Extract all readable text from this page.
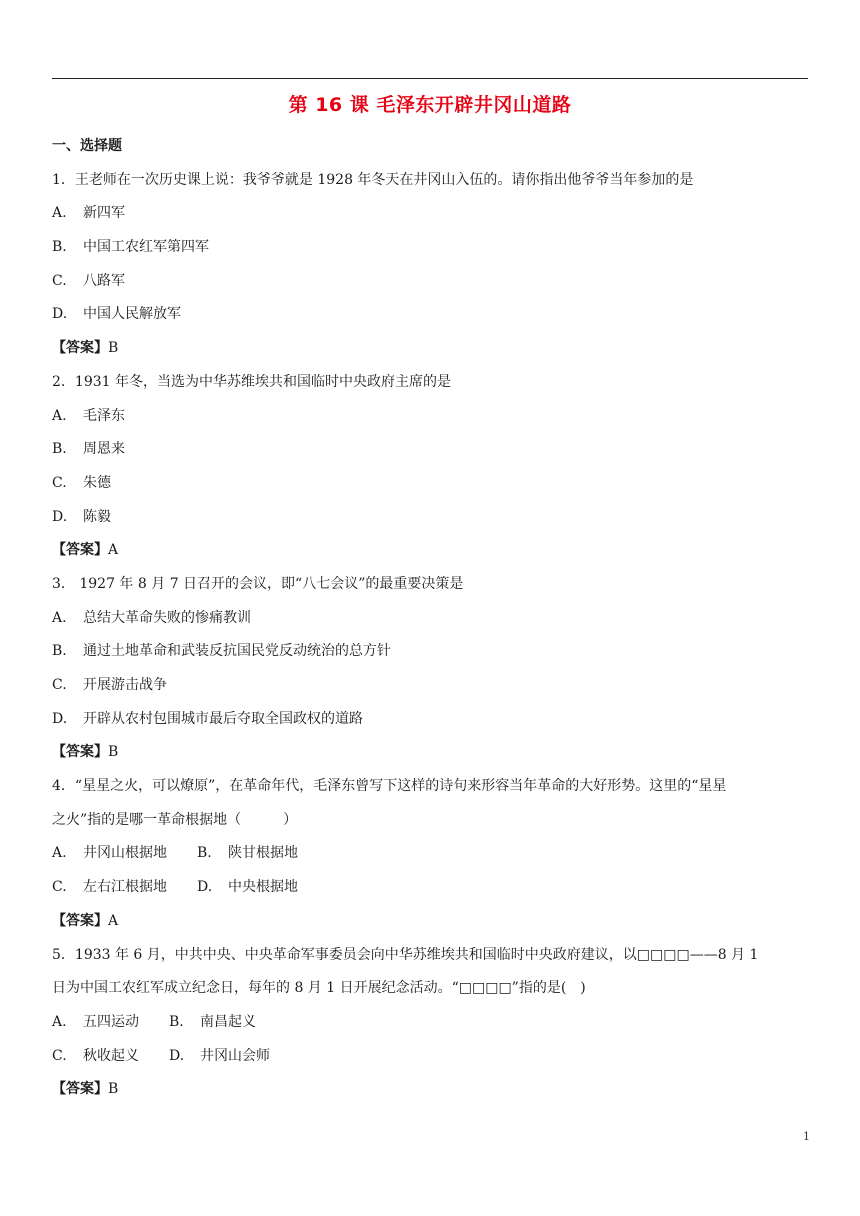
第 16 课 毛泽东开辟井冈山道路
一、选择题
1．王老师在一次历史课上说：我爷爷就是 1928 年冬天在井冈山入伍的。请你指出他爷爷当年参加的是
A. 新四军
B. 中国工农红军第四军
C. 八路军
D. 中国人民解放军
【答案】B
2．1931 年冬，当选为中华苏维埃共和国临时中央政府主席的是
A. 毛泽东
B. 周恩来
C. 朱德
D. 陈毅
【答案】A
3． 1927 年 8 月 7 日召开的会议，即“八七会议”的最重要决策是
A. 总结大革命失败的惨痛教训
B. 通过土地革命和武装反抗国民党反动统治的总方针
C. 开展游击战争
D. 开辟从农村包围城市最后夺取全国政权的道路
【答案】B
4．“星星之火，可以燎原”，在革命年代，毛泽东曾写下这样的诗句来形容当年革命的大好形势。这里的“星星
之火”指的是哪一革命根据地（　　　）
A. 井冈山根据地 B. 陕甘根据地
C. 左右江根据地 D. 中央根据地
【答案】A
5．1933 年 6 月，中共中央、中央革命军事委员会向中华苏维埃共和国临时中央政府建议，以□□□□——8 月 1
日为中国工农红军成立纪念日，每年的 8 月 1 日开展纪念活动。“□□□□”指的是(　)
A. 五四运动 B. 南昌起义
C. 秋收起义 D. 井冈山会师
【答案】B
1
